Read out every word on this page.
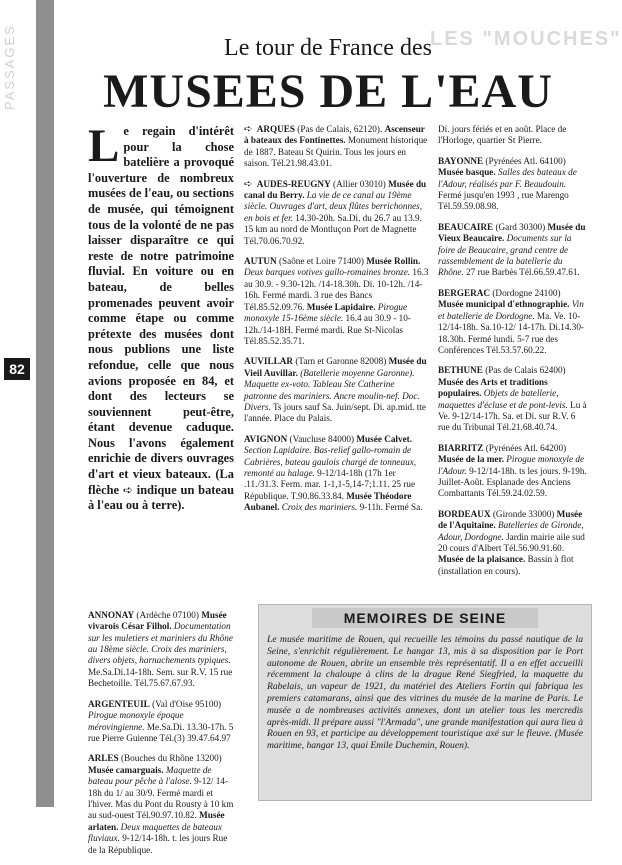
82
PASSAGES	LES "MOUCHES"
Le tour de France des
MUSEES DE L'EAU
Le regain d'intérêt pour la chose batelière a provoqué l'ouverture de nombreux musées de l'eau, ou sections de musée, qui témoignent tous de la volonté de ne pas laisser disparaître ce qui reste de notre patrimoine fluvial. En voiture ou en bateau, de belles promenades peuvent avoir comme étape ou comme prétexte des musées dont nous publions une liste refondue, celle que nous avions proposée en 84, et dont des lecteurs se souviennent peut-être, étant devenue caduque. Nous l'avons également enrichie de divers ouvrages d'art et vieux bateaux. (La flèche ➪ indique un bateau à l'eau ou à terre).
ANNONAY (Ardèche 07100) Musée vivarois César Filhol. Documentation sur les muletiers et mariniers du Rhône au 18ème siècle. Croix des mariniers, divers objets, harnachements typiques. Me.Sa.Di.14-18h. Sem. sur R.V. 15 rue Bechetoille. Tél.75.67.67.93.
ARGENTEUIL (Val d'Oise 95100) Pirogue monoxyle époque mérovingienne. Me.Sa.Di. 13.30-17h. 5 rue Pierre Guienne Tél.(3) 39.47.64.97
ARLES (Bouches du Rhône 13200) Musée camarguais. Maquette de bateau pour pêche à l'alose. 9-12/ 14-18h du 1/ au 30/9. Fermé mardi et l'hiver. Mas du Pont du Rousty à 10 km au sud-ouest Tél.90.97.10.82. Musée arlaten. Deux maquettes de bateaux fluviaux. 9-12/14-18h. t. les jours Rue de la République.
➪ ARQUES (Pas de Calais, 62120). Ascenseur à bateaux des Fontinettes. Monument historique de 1887. Bateau St Quirin. Tous les jours en saison. Tél.21.98.43.01.
➪ AUDES-REUGNY (Allier 03010) Musée du canal du Berry. La vie de ce canal au 19ème siècle. Ouvrages d'art, deux flûtes berrichonnes, en bois et fer. 14.30-20h. Sa.Di. du 26.7 au 13.9. 15 km au nord de Montluçon Port de Magnette Tél.70.06.70.92.
AUTUN (Saône et Loire 71400) Musée Rollin. Deux barques votives gallo-romaines bronze. 16.3 au 30.9. - 9.30-12h. /14-18.30h. Di. 10-12h. /14-16h. Fermé mardi. 3 rue des Bancs Tél.85.52.09.76. Musée Lapidaire. Pirogue monoxyle 15-16ème siècle. 16.4 au 30.9 - 10-12h./14-18H. Fermé mardi. Rue St-Nicolas Tél.85.52.35.71.
AUVILLAR (Tarn et Garonne 82008) Musée du Vieil Auvillar. (Batellerie moyenne Garonne). Maquette ex-voto. Tableau Ste Catherine patronne des mariniers. Ancre moulin-nef. Doc. Divers. Ts jours sauf Sa. Juin/sept. Di. ap.mid. tte l'année. Place du Palais.
AVIGNON (Vaucluse 84000) Musée Calvet. Section Lapidaire. Bas-relief gallo-romain de Cabrières, bateau gaulois chargé de tonneaux, remonté au halage. 9-12/14-18h (17h 1er .11./31.3. Ferm. mar. 1-1,1-5,14-7;1.11. 25 rue République. T.90.86.33.84. Musée Théodore Aubanel. Croix des mariniers. 9-11h. Fermé Sa.
Di. jours fériés et en août. Place de l'Horloge, quartier St Pierre.
BAYONNE (Pyrénées Atl. 64100) Musée basque. Salles des bateaux de l'Adour, réalisés par F. Beaudouin. Fermé jusqu'en 1993 , rue Marengo Tél.59.59.08.98.
BEAUCAIRE (Gard 30300) Musée du Vieux Beaucaire. Documents sur la foire de Beaucaire, grand centre de rassemblement de la batellerie du Rhône. 27 rue Barbès Tél.66.59.47.61.
BERGERAC (Dordogne 24100) Musée municipal d'ethnographie. Vin et batellerie de Dordogne. Ma. Ve. 10-12/14-18h. Sa.10-12/ 14-17h. Di.14.30-18.30h. Fermé lundi. 5-7 rue des Conférences Tél.53.57.60.22.
BETHUNE (Pas de Calais 62400) Musée des Arts et traditions populaires. Objets de batellerie, maquettes d'écluse et de pont-levis. Lu à Ve. 9-12/14-17h. Sa. et Di. sur R.V. 6 rue du Tribunal Tél.21.68.40.74.
BIARRITZ (Pyrénées Atl. 64200) Musée de la mer. Pirogue monoxyle de l'Adour. 9-12/14-18h. ts les jours. 9-19h. Juillet-Août. Esplanade des Anciens Combattants Tél.59.24.02.59.
BORDEAUX (Gironde 33000) Musée de l'Aquitaine. Batelleries de Gironde, Adour, Dordogne. Jardin mairie aile sud 20 cours d'Albert Tél.56.90.91.60. Musée de la plaisance. Bassin à flot (installation en cours).
MEMOIRES DE SEINE
Le musée maritime de Rouen, qui recueille les témoins du passé nautique de la Seine, s'enrichit régulièrement. Le hangar 13, mis à sa disposition par le Port autonome de Rouen, abrite un ensemble très représentatif. Il a en effet accueilli récemment la chaloupe à clins de la drague René Siegfried, la maquette du Rabelais, un vapeur de 1921, du matériel des Ateliers Fortin qui fabriqua les premiers catamarans, ainsi que des vitrines du musée de la marine de Paris. Le musée a de nombreuses activités annexes, dont un atelier tous les mercredis après-midi. Il prépare aussi "l'Armada", une grande manifestation qui aura lieu à Rouen en 93, et participe au développement touristique axé sur le fleuve. (Musée maritime, hangar 13, quai Emile Duchemin, Rouen).
